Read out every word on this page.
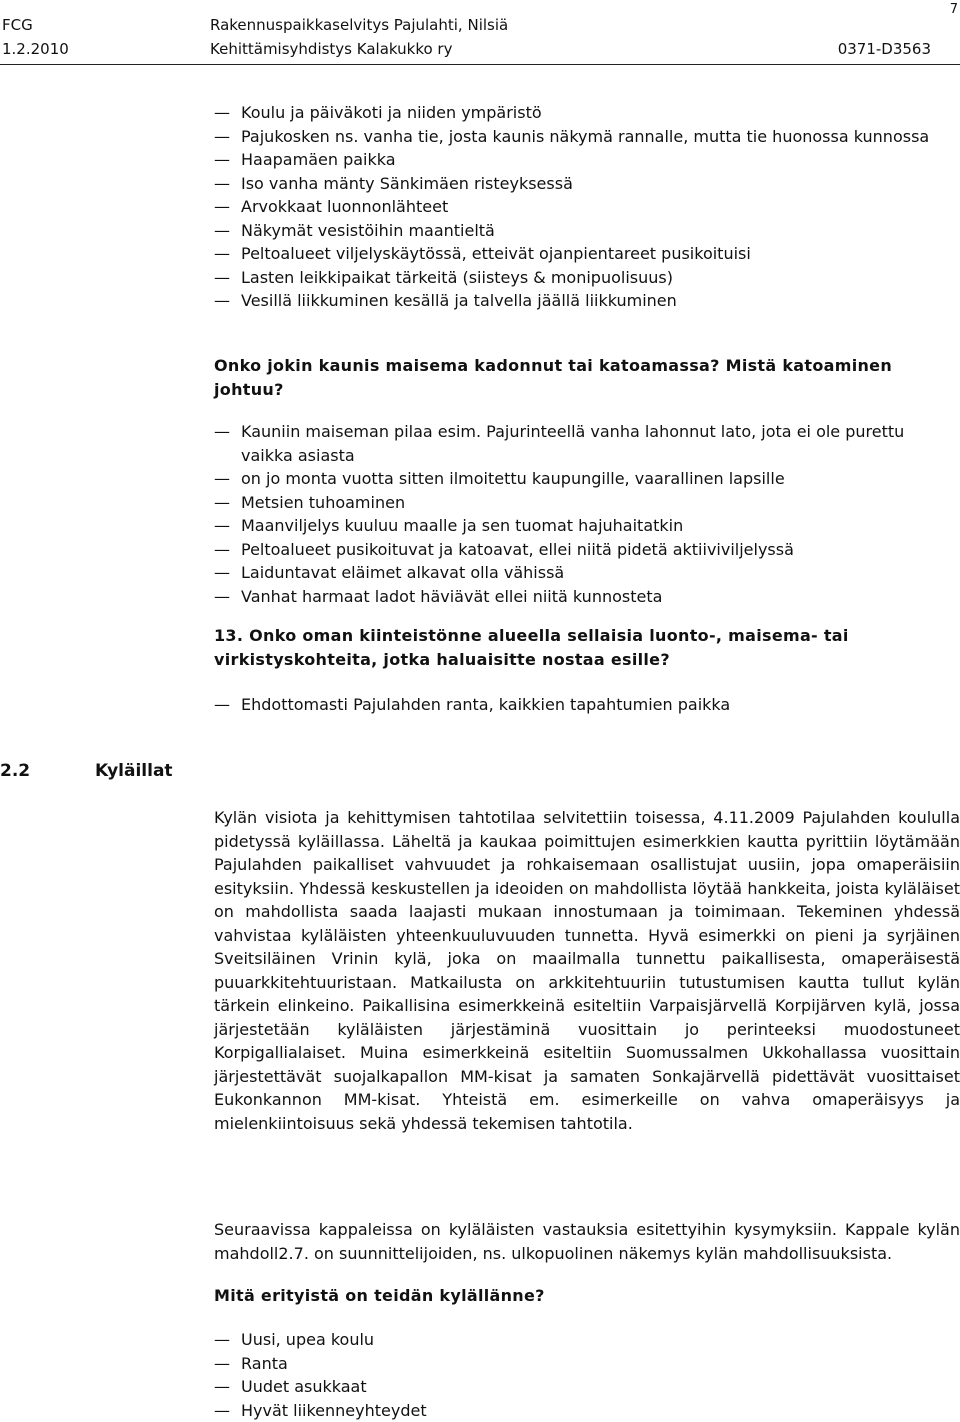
FCG
1.2.2010
Rakennuspaikkaselvitys Pajulahti, Nilsiä
Kehittämisyhdistys Kalakukko ry	0371-D3563
7
— Koulu ja päiväkoti ja niiden ympäristö
— Pajukosken ns. vanha tie, josta kaunis näkymä rannalle, mutta tie huonossa kunnossa
— Haapamäen paikka
— Iso vanha mänty Sänkimäen risteyksessä
— Arvokkaat luonnonlähteet
— Näkymät vesistöihin maantieltä
— Peltoalueet viljelyskäytössä, etteivät ojanpientareet pusikoituisi
— Lasten leikkipaikat tärkeitä (siisteys & monipuolisuus)
— Vesillä liikkuminen kesällä ja talvella jäällä liikkuminen
Onko jokin kaunis maisema kadonnut tai katoamassa? Mistä katoaminen johtuu?
— Kauniin maiseman pilaa esim. Pajurinteellä vanha lahonnut lato, jota ei ole purettu vaikka asiasta
— on jo monta vuotta sitten ilmoitettu kaupungille, vaarallinen lapsille
— Metsien tuhoaminen
— Maanviljelys kuuluu maalle ja sen tuomat hajuhaitatkin
— Peltoalueet pusikoituvat ja katoavat, ellei niitä pidetä aktiiviviljelyssä
— Laiduntavat eläimet alkavat olla vähissä
— Vanhat harmaat ladot häviävät ellei niitä kunnosteta
13. Onko oman kiinteistönne alueella sellaisia luonto-, maisema- tai virkistyskohteita, jotka haluaisitte nostaa esille?
— Ehdottomasti Pajulahden ranta, kaikkien tapahtumien paikka
2.2	Kyläillat
Kylän visiota ja kehittymisen tahtotilaa selvitettiin toisessa, 4.11.2009 Pajulahden koululla pidetyssä kyläillassa. Läheltä ja kaukaa poimittujen esimerkkien kautta pyrittiin löytämään Pajulahden paikalliset vahvuudet ja rohkaisemaan osallistujat uusiin, jopa omaperäisiin esityksiin. Yhdessä keskustellen ja ideoiden on mahdollista löytää hankkeita, joista kyläläiset on mahdollista saada laajasti mukaan innostumaan ja toimimaan. Tekeminen yhdessä vahvistaa kyläläisten yhteenkuuluvuuden tunnetta. Hyvä esimerkki on pieni ja syrjäinen Sveitsiläinen Vrinin kylä, joka on maailmalla tunnettu paikallisesta, omaperäisestä puuarkkitehtuuristaan. Matkailusta on arkkitehtuuriin tutustumisen kautta tullut kylän tärkein elinkeino. Paikallisina esimerkkeinä esiteltiin Varpaisjärvellä Korpijärven kylä, jossa järjestetään kyläläisten järjestäminä vuosittain jo perinteeksi muodostuneet Korpigallialaiset. Muina esimerkkeinä esiteltiin Suomussalmen Ukkohallassa vuosittain järjestettävät suojalkapallon MM-kisat ja samaten Sonkajärvellä pidettävät vuosittaiset Eukonkannon MM-kisat. Yhteistä em. esimerkeille on vahva omaperäisyys ja mielenkiintoisuus sekä yhdessä tekemisen tahtotila.
Seuraavissa kappaleissa on kyläläisten vastauksia esitettyihin kysymyksiin. Kappale kylän mahdoll2.7. on suunnittelijoiden, ns. ulkopuolinen näkemys kylän mahdollisuuksista.
Mitä erityistä on teidän kylällänne?
— Uusi, upea koulu
— Ranta
— Uudet asukkaat
— Hyvät liikenneyhteydet
